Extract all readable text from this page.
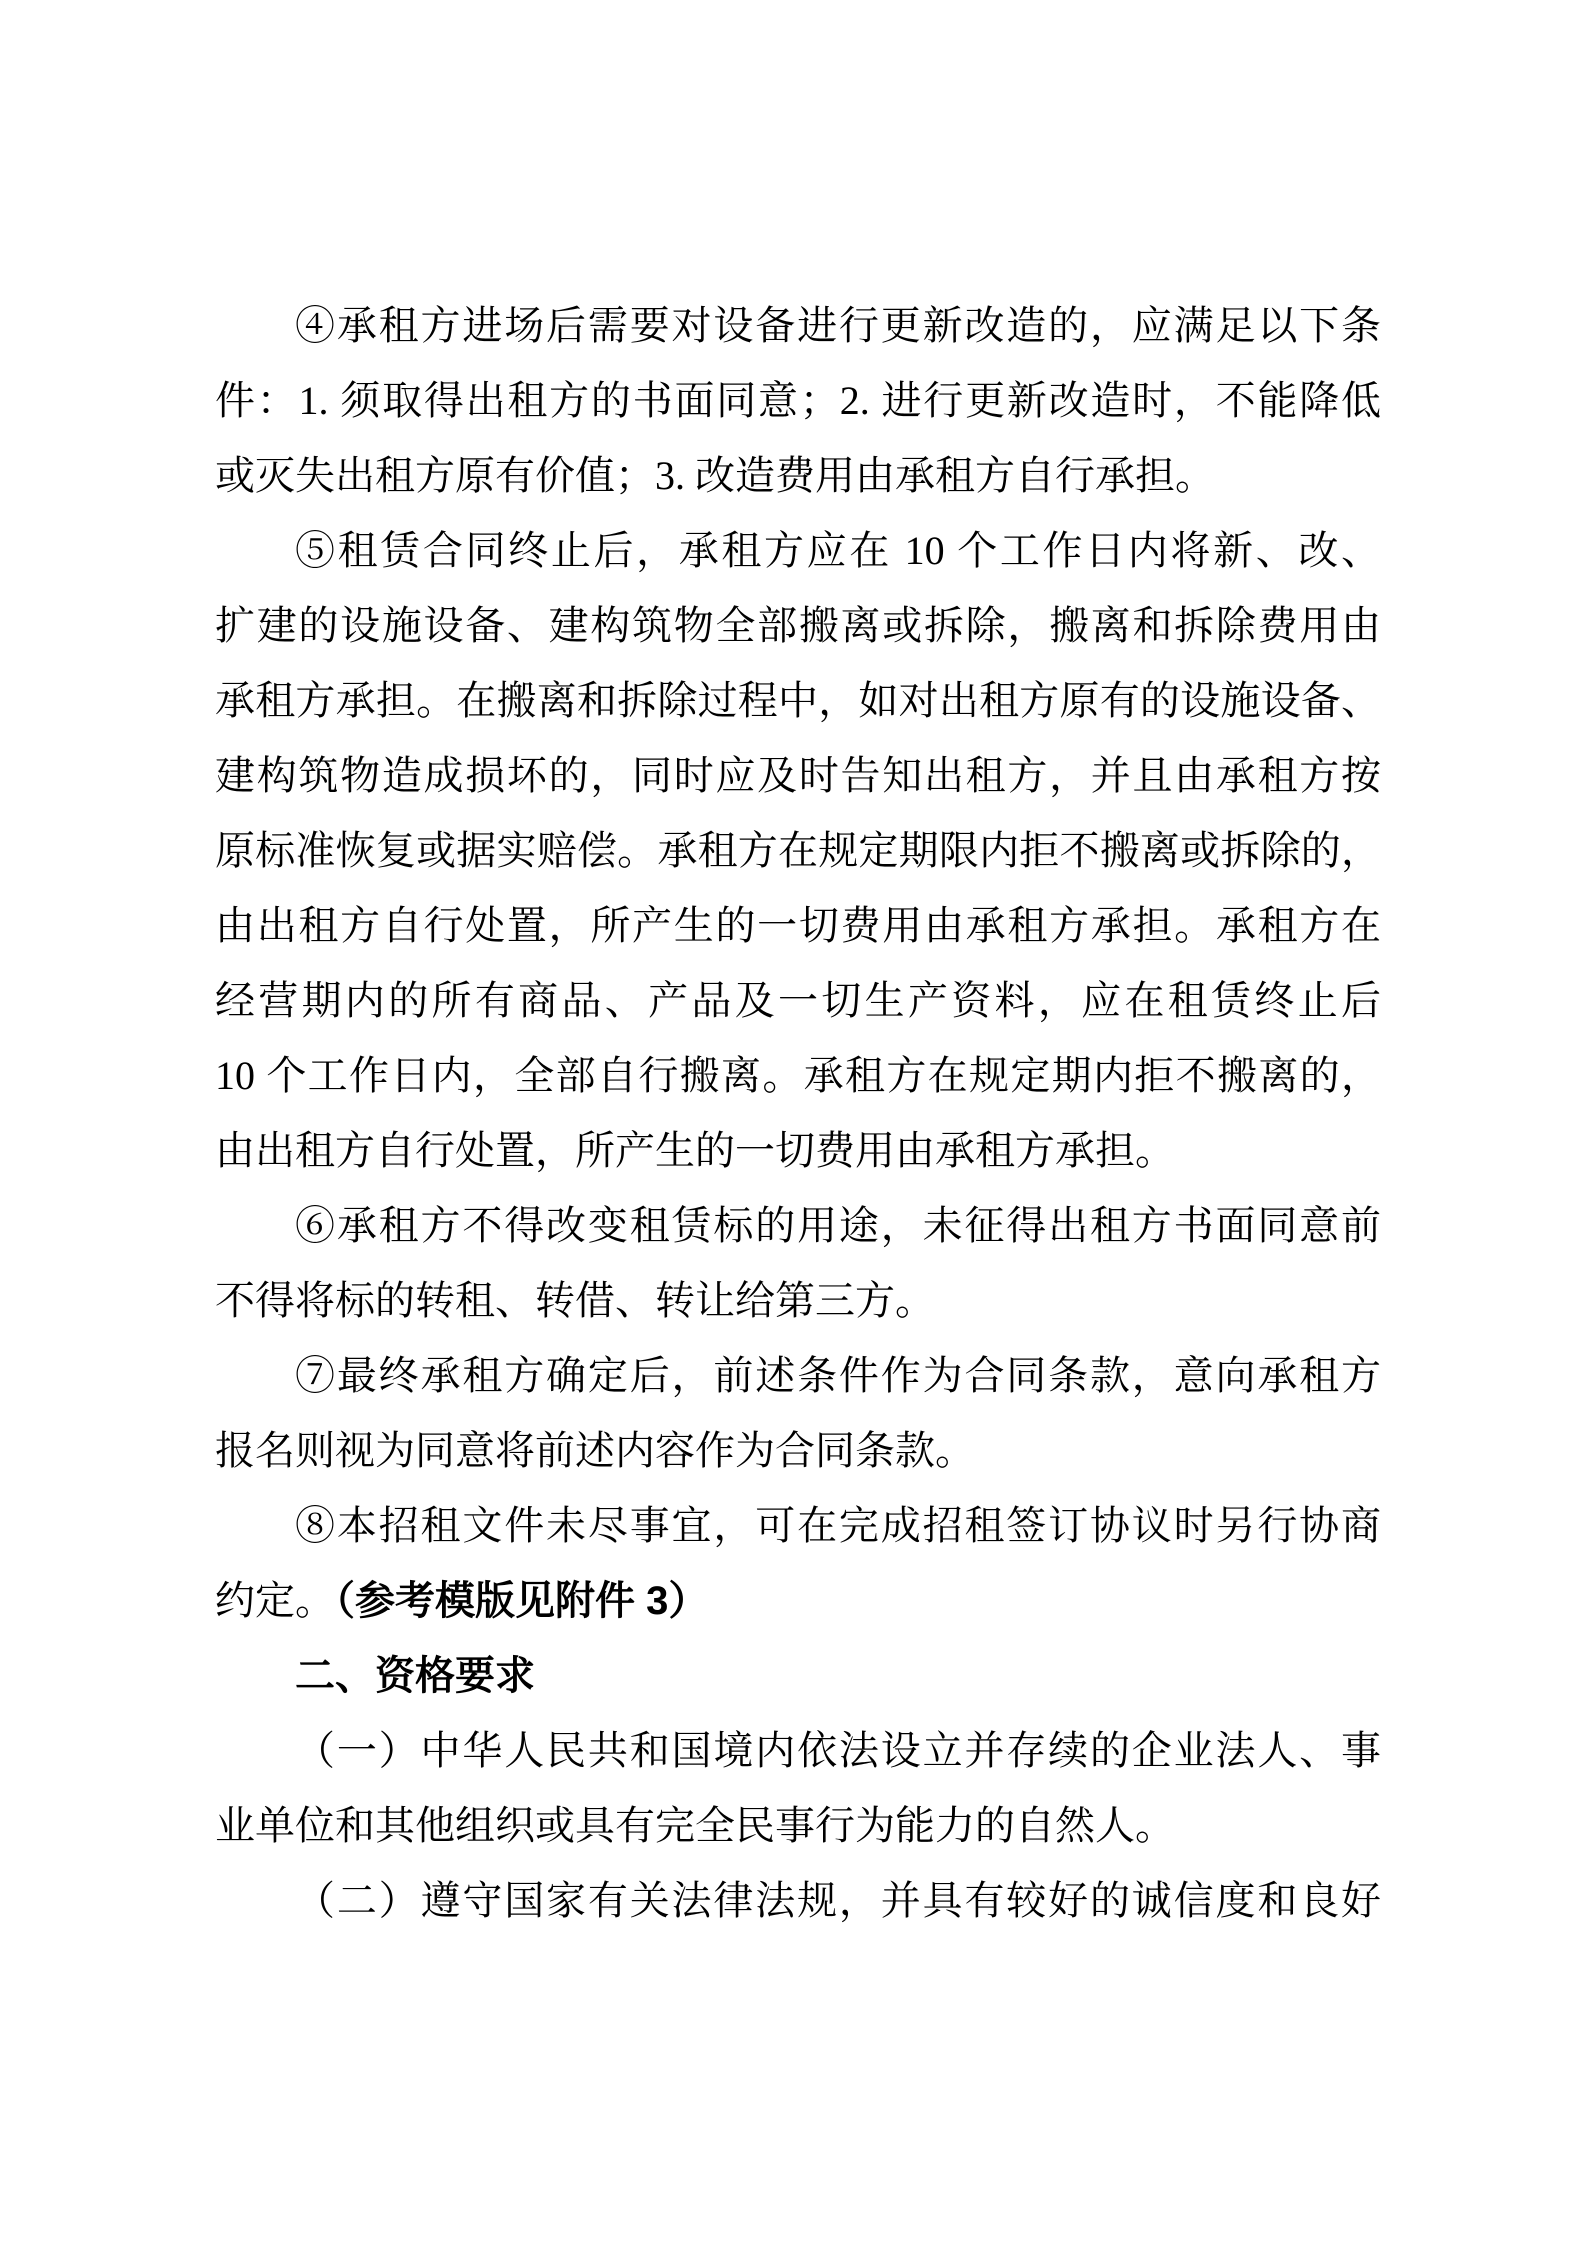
④承租方进场后需要对设备进行更新改造的，应满足以下条
件：1. 须取得出租方的书面同意；2. 进行更新改造时，不能降低
或灭失出租方原有价值；3. 改造费用由承租方自行承担。
⑤租赁合同终止后，承租方应在 10 个工作日内将新、改、
扩建的设施设备、建构筑物全部搬离或拆除，搬离和拆除费用由
承租方承担。在搬离和拆除过程中，如对出租方原有的设施设备、
建构筑物造成损坏的，同时应及时告知出租方，并且由承租方按
原标准恢复或据实赔偿。承租方在规定期限内拒不搬离或拆除的，
由出租方自行处置，所产生的一切费用由承租方承担。承租方在
经营期内的所有商品、产品及一切生产资料，应在租赁终止后
10 个工作日内，全部自行搬离。承租方在规定期内拒不搬离的，
由出租方自行处置，所产生的一切费用由承租方承担。
⑥承租方不得改变租赁标的用途，未征得出租方书面同意前
不得将标的转租、转借、转让给第三方。
⑦最终承租方确定后，前述条件作为合同条款，意向承租方
报名则视为同意将前述内容作为合同条款。
⑧本招租文件未尽事宜，可在完成招租签订协议时另行协商
约定。（参考模版见附件 3）
二、资格要求
（一）中华人民共和国境内依法设立并存续的企业法人、事
业单位和其他组织或具有完全民事行为能力的自然人。
（二）遵守国家有关法律法规，并具有较好的诚信度和良好
